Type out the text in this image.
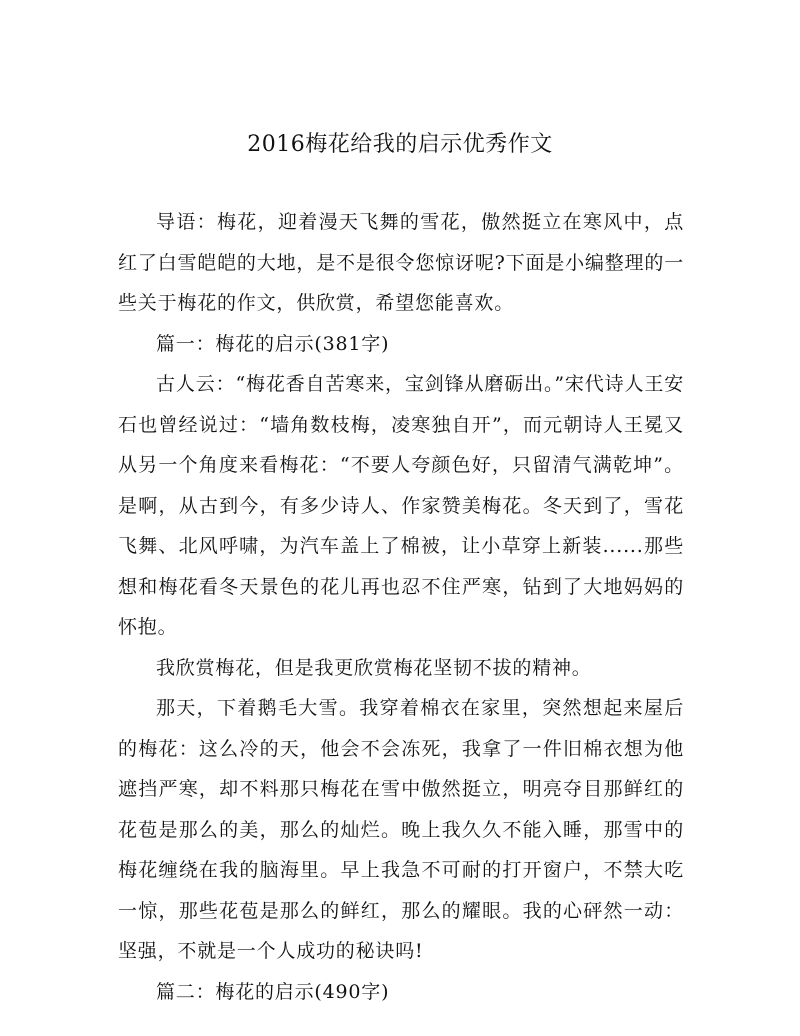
2016梅花给我的启示优秀作文

导语：梅花，迎着漫天飞舞的雪花，傲然挺立在寒风中，点红了白雪皑皑的大地，是不是很令您惊讶呢?下面是小编整理的一些关于梅花的作文，供欣赏，希望您能喜欢。

篇一：梅花的启示(381字)

古人云：“梅花香自苦寒来，宝剑锋从磨砺出。”宋代诗人王安石也曾经说过：“墙角数枝梅，凌寒独自开”，而元朝诗人王冕又从另一个角度来看梅花：“不要人夸颜色好，只留清气满乾坤”。是啊，从古到今，有多少诗人、作家赞美梅花。冬天到了，雪花飞舞、北风呼啸，为汽车盖上了棉被，让小草穿上新装......那些想和梅花看冬天景色的花儿再也忍不住严寒，钻到了大地妈妈的怀抱。

我欣赏梅花，但是我更欣赏梅花坚韧不拔的精神。

那天，下着鹅毛大雪。我穿着棉衣在家里，突然想起来屋后的梅花：这么冷的天，他会不会冻死，我拿了一件旧棉衣想为他遮挡严寒，却不料那只梅花在雪中傲然挺立，明亮夺目那鲜红的花苞是那么的美，那么的灿烂。晚上我久久不能入睡，那雪中的梅花缠绕在我的脑海里。早上我急不可耐的打开窗户，不禁大吃一惊，那些花苞是那么的鲜红，那么的耀眼。我的心砰然一动：坚强，不就是一个人成功的秘诀吗!

篇二：梅花的启示(490字)
